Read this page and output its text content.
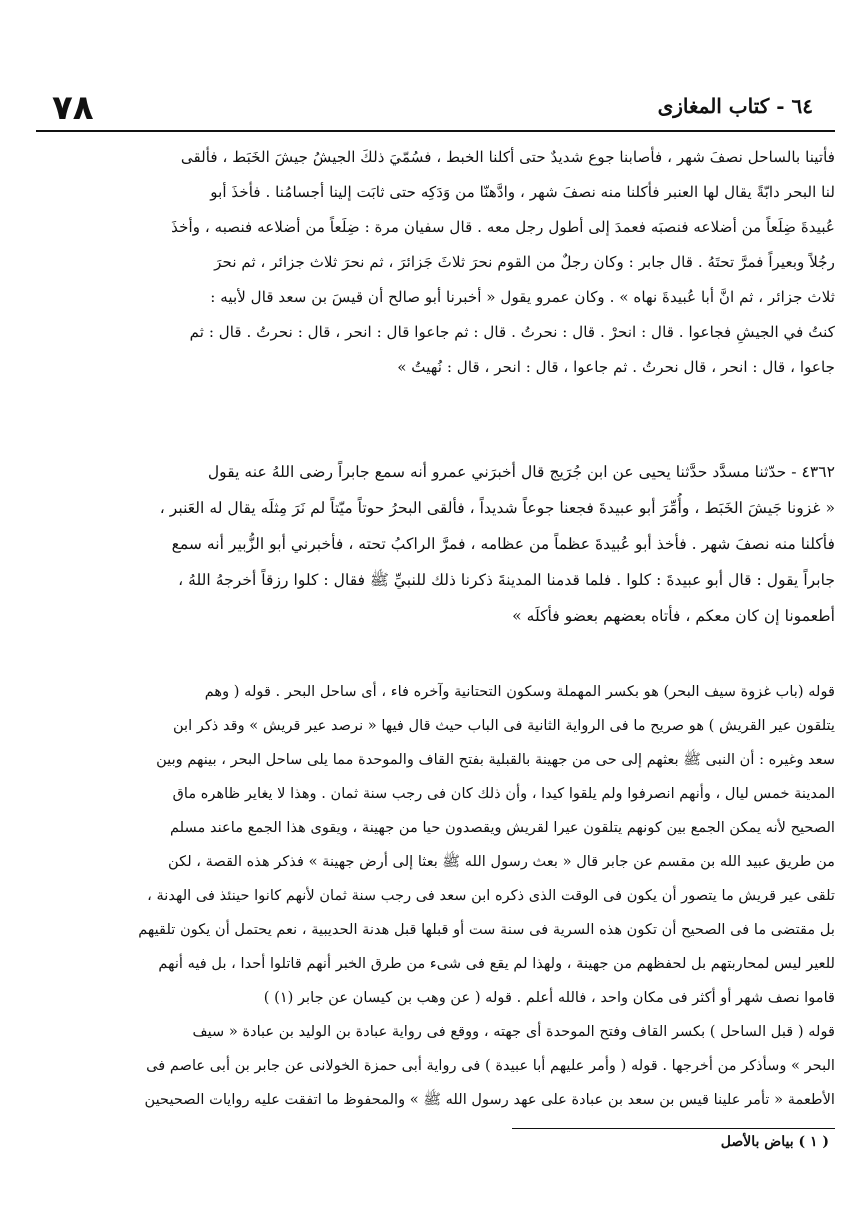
٧٨	٦٤ - كتاب المغازى
فأتينا بالساحل نصفَ شهر ، فأصابنا جوع شديدٌ حتى أكلنا الخبط ، فسُمّيَ ذلكَ الجيشُ جيشَ الخَبَط ، فألقى
لنا البحر دابّةً يقال لها العنبر فأكلنا منه نصفَ شهر ، وادَّهنّا من وَدَكِه حتى ثابَت إلينا أجسامُنا . فأخذَ أبو
عُبيدةَ ضِلَعاً من أضلاعه فنصبَه فعمدَ إلى أطول رجل معه . قال سفيان مرة : ضِلَعاً من أضلاعه فنصبه ، وأخذَ
رجُلاً وبعيراً فمرَّ تحتَهُ . قال جابر : وكان رجلٌ من القوم نحرَ ثلاثَ جَزائرَ ، ثم نحرَ ثلاث جزائر ، ثم نحرَ
ثلاث جزائر ، ثم انَّ أبا عُبيدةَ نهاه » . وكان عمرو يقول « أخبرنا أبو صالح أن قيسَ بن سعد قال لأبيه :
كنتُ في الجيشِ فجاعوا . قال : انحرْ . قال : نحرتُ . قال : ثم جاعوا قال : انحر ، قال : نحرتُ . قال : ثم
جاعوا ، قال : انحر ، قال نحرتُ . ثم جاعوا ، قال : انحر ، قال : نُهيتُ »
٤٣٦٢ - حدّثنا مسدَّد حدَّثنا يحيى عن ابن جُرَيج قال أخبرَني عمرو أنه سمع جابراً رضى اللهُ عنه يقول
« غزونا جَيشَ الخَبَط ، وأُمِّرَ أبو عبيدةَ فجعنا جوعاً شديداً ، فألقى البحرُ حوتاً ميّتاً لم نَرَ مِثلَه يقال له العَنبر ،
فأكلنا منه نصفَ شهر . فأخذ أبو عُبيدةَ عظماً من عظامه ، فمرَّ الراكبُ تحته ، فأخبرني أبو الزُّبير أنه سمع
جابراً يقول : قال أبو عبيدةَ : كلوا . فلما قدمنا المدينةَ ذكرنا ذلك للنبيِّ ﷺ فقال : كلوا رزقاً أخرجهُ اللهُ ،
أطعمونا إن كان معكم ، فأتاه بعضهم بعضو فأكلَه »
قوله (باب غزوة سيف البحر) هو بكسر المهملة وسكون التحتانية وآخره فاء ، أى ساحل البحر . قوله ( وهم
يتلقون عير القريش ) هو صريح ما فى الرواية الثانية فى الباب حيث قال فيها « نرصد عير قريش » وقد ذكر ابن
سعد وغيره : أن النبى ﷺ بعثهم إلى حى من جهينة بالقبلية بفتح القاف والموحدة مما يلى ساحل البحر ، بينهم وبين
المدينة خمس ليال ، وأنهم انصرفوا ولم يلقوا كيدا ، وأن ذلك كان فى رجب سنة ثمان . وهذا لا يغاير ظاهره ماق
الصحيح لأنه يمكن الجمع بين كونهم يتلقون عيرا لقريش ويقصدون حيا من جهينة ، ويقوى هذا الجمع ماعند مسلم
من طريق عبيد الله بن مقسم عن جابر قال « بعث رسول الله ﷺ بعثا إلى أرض جهينة » فذكر هذه القصة ، لكن
تلقى عير قريش ما يتصور أن يكون فى الوقت الذى ذكره ابن سعد فى رجب سنة ثمان لأنهم كانوا حينئذ فى الهدنة ،
بل مقتضى ما فى الصحيح أن تكون هذه السرية فى سنة ست أو قبلها قبل هدنة الحديبية ، نعم يحتمل أن يكون تلقيهم
للعير ليس لمحاربتهم بل لحفظهم من جهينة ، ولهذا لم يقع فى شىء من طرق الخبر أنهم قاتلوا أحدا ، بل فيه أنهم
قاموا نصف شهر أو أكثر فى مكان واحد ، فالله أعلم . قوله ( عن وهب بن كيسان عن جابر (١) )
قوله ( قبل الساحل ) بكسر القاف وفتح الموحدة أى جهته ، ووقع فى رواية عبادة بن الوليد بن عبادة « سيف
البحر » وسأذكر من أخرجها . قوله ( وأمر عليهم أبا عبيدة ) فى رواية أبى حمزة الخولانى عن جابر بن أبى عاصم فى
الأطعمة « تأمر علينا قيس بن سعد بن عبادة على عهد رسول الله ﷺ » والمحفوظ ما اتفقت عليه روايات الصحيحين
( ١ ) بياض بالأصل
